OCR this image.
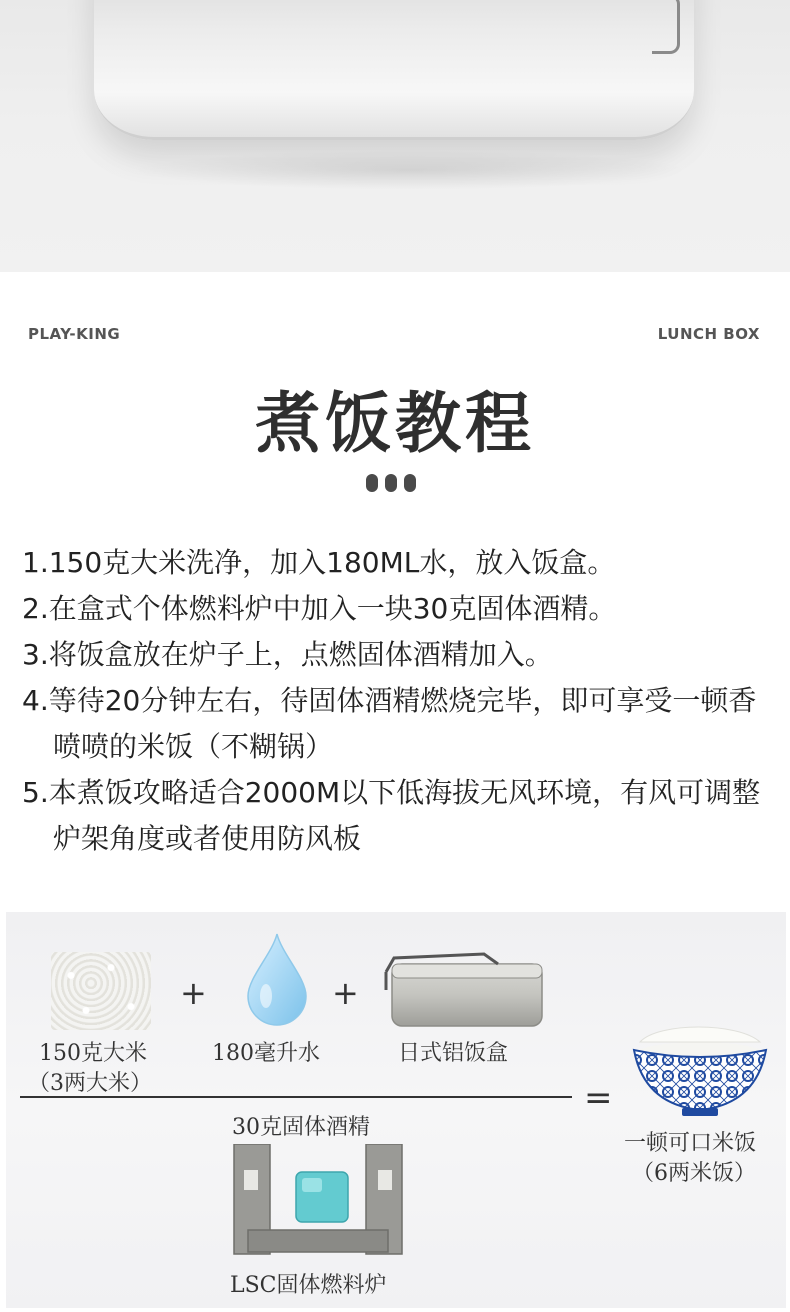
PLAY-KING	LUNCH BOX
煮饭教程
1.150克大米洗净，加入180ML水，放入饭盒。
2.在盒式个体燃料炉中加入一块30克固体酒精。
3.将饭盒放在炉子上，点燃固体酒精加入。
4.等待20分钟左右，待固体酒精燃烧完毕，即可享受一顿香喷喷的米饭（不糊锅）
5.本煮饭攻略适合2000M以下低海拔无风环境，有风可调整炉架角度或者使用防风板
+	+
150克大米
（3两大米）
180毫升水	日式铝饭盒
=
一顿可口米饭
（6两米饭）
30克固体酒精
LSC固体燃料炉
